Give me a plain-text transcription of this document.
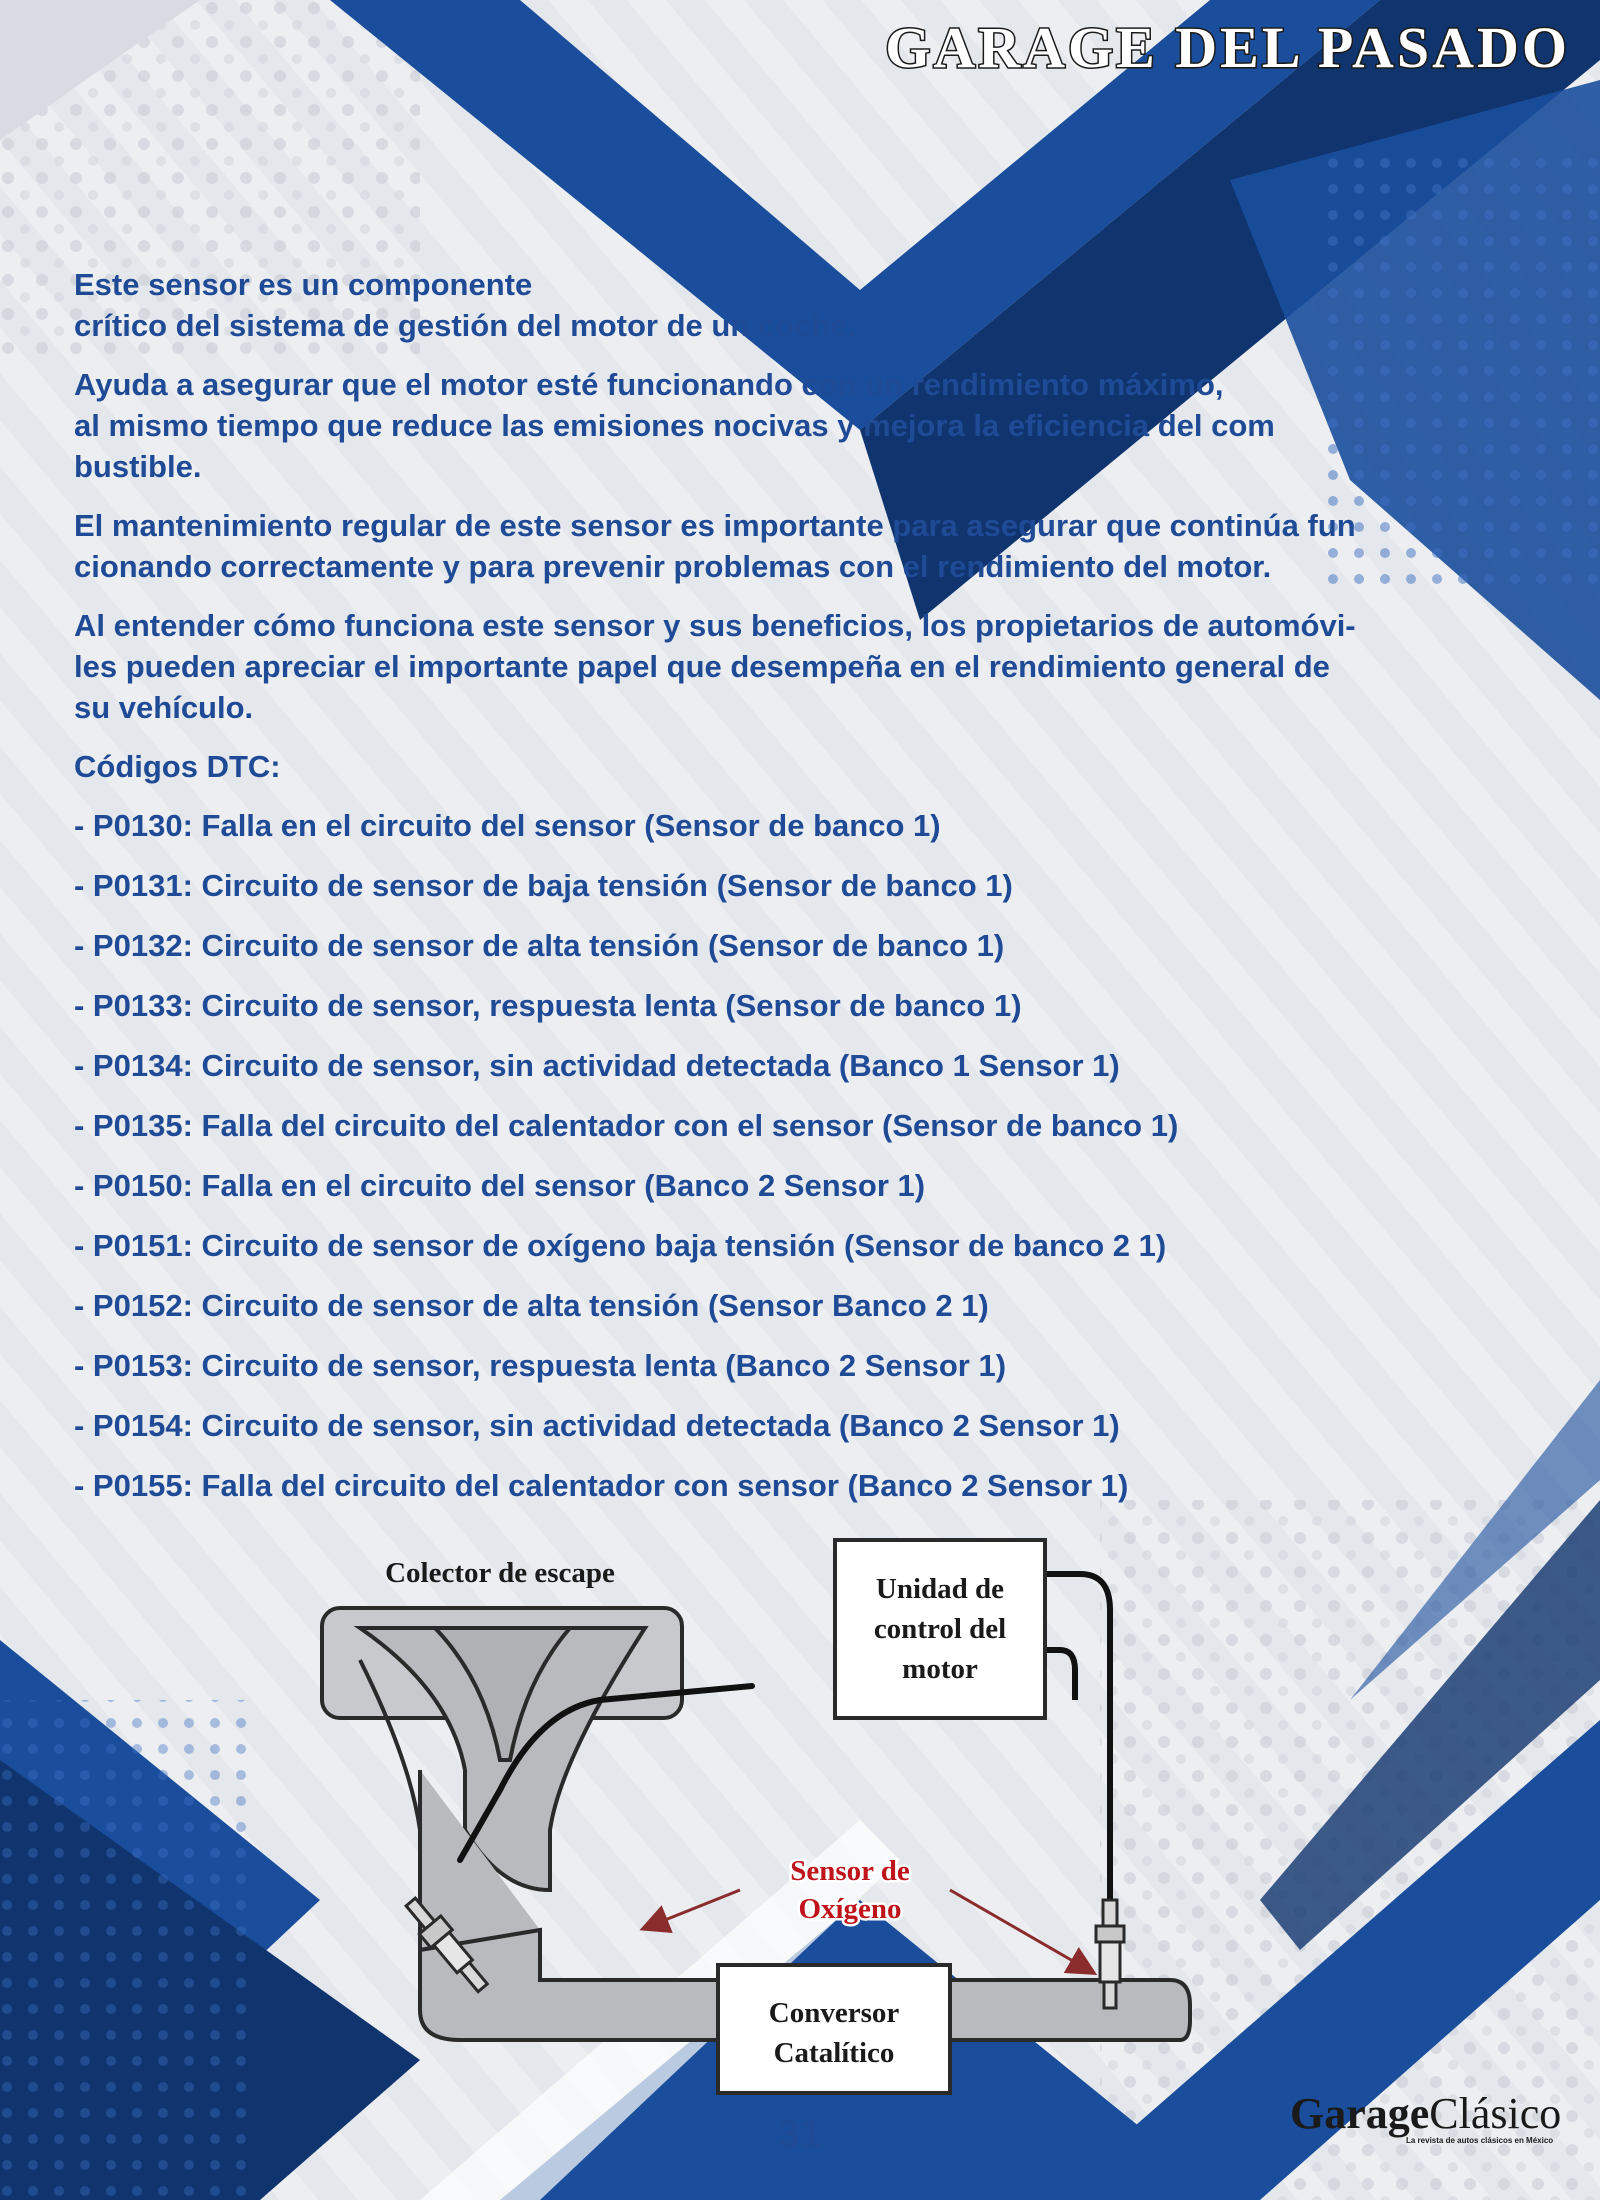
GARAGE DEL PASADO

Este sensor es un componente
crítico del sistema de gestión del motor de un coche.

Ayuda a asegurar que el motor esté funcionando con un rendimiento máximo,
al mismo tiempo que reduce las emisiones nocivas y mejora la eficiencia del com
bustible.

El mantenimiento regular de este sensor es importante para asegurar que continúa fun
cionando correctamente y para prevenir problemas con el rendimiento del motor.

Al entender cómo funciona este sensor y sus beneficios, los propietarios de automóvi-
les pueden apreciar el importante papel que desempeña en el rendimiento general de
su vehículo.

Códigos DTC:

- P0130: Falla en el circuito del sensor (Sensor de banco 1)
- P0131: Circuito de sensor de baja tensión (Sensor de banco 1)
- P0132: Circuito de sensor de alta tensión (Sensor de banco 1)
- P0133: Circuito de sensor, respuesta lenta (Sensor de banco 1)
- P0134: Circuito de sensor, sin actividad detectada (Banco 1 Sensor 1)
- P0135: Falla del circuito del calentador con el sensor (Sensor de banco 1)
- P0150: Falla en el circuito del sensor (Banco 2 Sensor 1)
- P0151: Circuito de sensor de oxígeno baja tensión (Sensor de banco 2 1)
- P0152: Circuito de sensor de alta tensión (Sensor Banco 2 1)
- P0153: Circuito de sensor, respuesta lenta (Banco 2 Sensor 1)
- P0154: Circuito de sensor, sin actividad detectada (Banco 2 Sensor 1)
- P0155: Falla del circuito del calentador con sensor (Banco 2 Sensor 1)
Colector de escape	Unidad de
control del
motor
Sensor de
Oxígeno
Conversor
Catalítico
31	GarageClásico
La revista de autos clásicos en México
